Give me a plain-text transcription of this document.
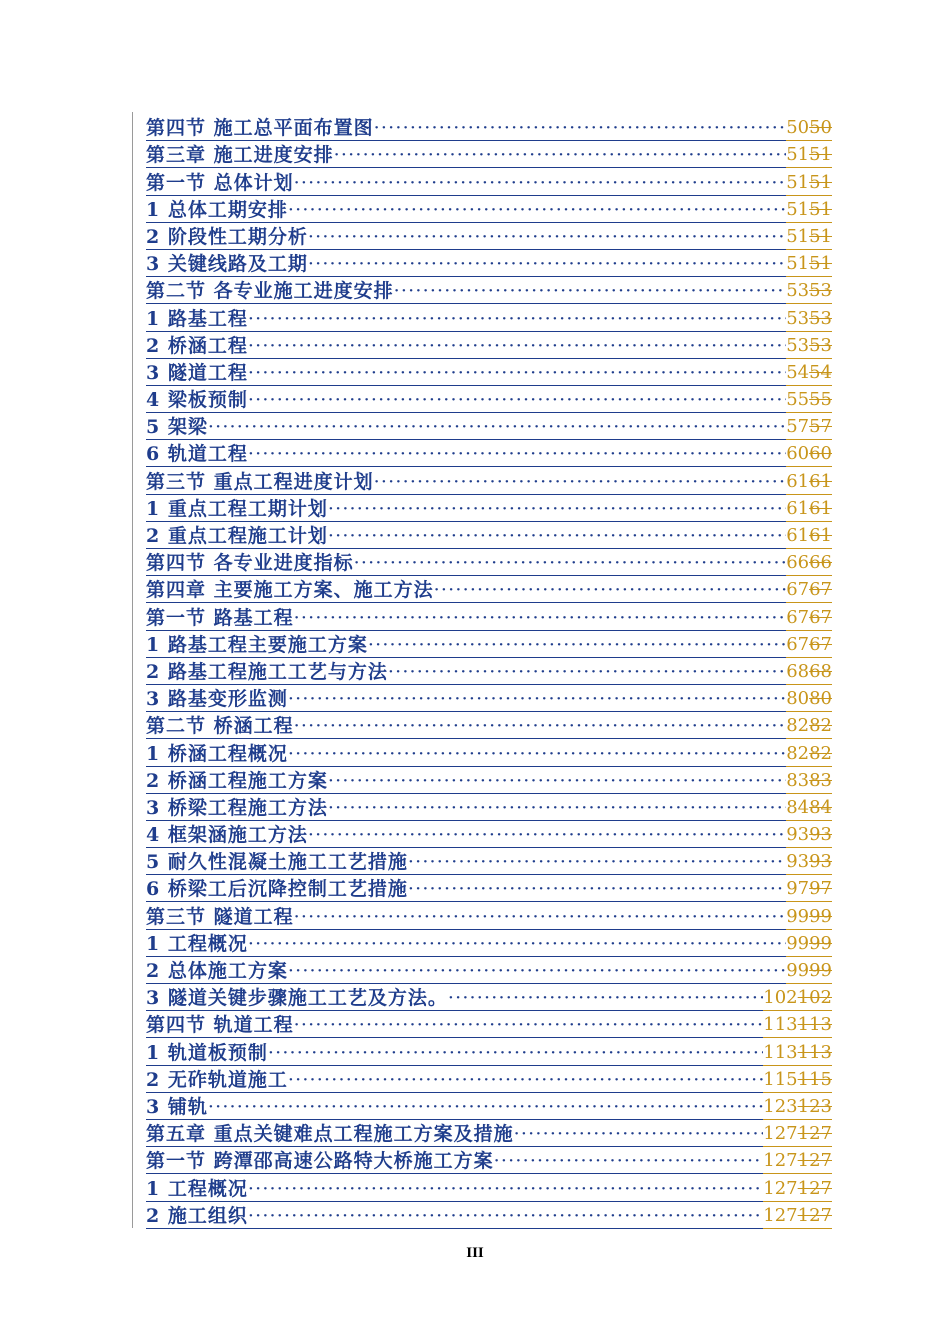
第四节 施工总平面布置图 ·····	5050
第三章 施工进度安排 ·····	5151
第一节 总体计划 ·····	5151
1 总体工期安排 ·····	5151
2 阶段性工期分析 ·····	5151
3 关键线路及工期 ·····	5151
第二节 各专业施工进度安排 ·····	5353
1 路基工程 ·····	5353
2 桥涵工程 ·····	5353
3 隧道工程 ·····	5454
4 梁板预制 ·····	5555
5 架梁 ·····	5757
6 轨道工程 ·····	6060
第三节 重点工程进度计划 ·····	6161
1 重点工程工期计划 ·····	6161
2 重点工程施工计划 ·····	6161
第四节 各专业进度指标 ·····	6666
第四章 主要施工方案、施工方法 ·····	6767
第一节 路基工程 ·····	6767
1 路基工程主要施工方案 ·····	6767
2 路基工程施工工艺与方法 ·····	6868
3 路基变形监测 ·····	8080
第二节 桥涵工程 ·····	8282
1 桥涵工程概况 ·····	8282
2 桥涵工程施工方案 ·····	8383
3 桥梁工程施工方法 ·····	8484
4 框架涵施工方法 ·····	9393
5 耐久性混凝土施工工艺措施 ·····	9393
6 桥梁工后沉降控制工艺措施 ·····	9797
第三节 隧道工程 ·····	9999
1 工程概况 ·····	9999
2 总体施工方案 ·····	9999
3 隧道关键步骤施工工艺及方法。 ·····	102102
第四节 轨道工程 ·····	113113
1 轨道板预制 ·····	113113
2 无砟轨道施工 ·····	115115
3 铺轨 ·····	123123
第五章 重点关键难点工程施工方案及措施 ·····	127127
第一节 跨潭邵高速公路特大桥施工方案 ·····	127127
1 工程概况 ·····	127127
2 施工组织 ·····	127127
III
